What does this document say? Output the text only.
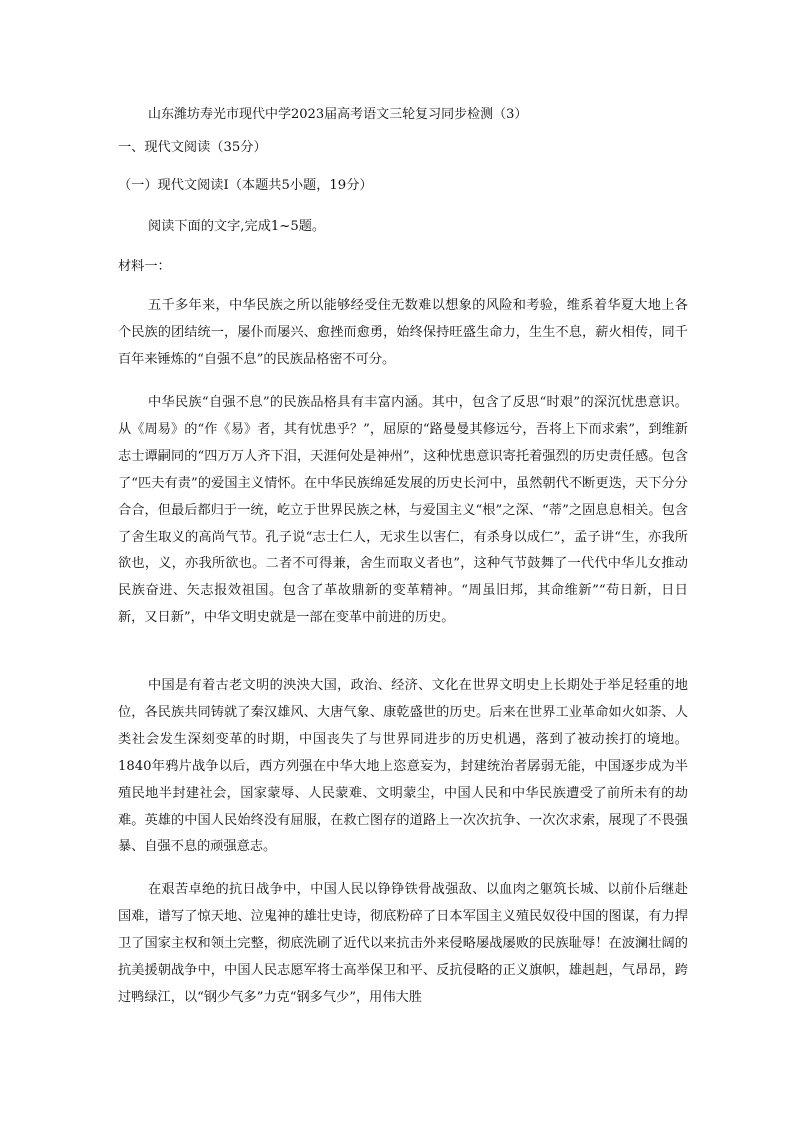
山东潍坊寿光市现代中学2023届高考语文三轮复习同步检测（3）
一、现代文阅读（35分）
（一）现代文阅读Ⅰ（本题共5小题，19分）
阅读下面的文字,完成1~5题。
材料一：

五千多年来，中华民族之所以能够经受住无数难以想象的风险和考验，维系着华夏大地上各个民族的团结统一，屡仆而屡兴、愈挫而愈勇，始终保持旺盛生命力，生生不息，薪火相传，同千百年来锤炼的“自强不息”的民族品格密不可分。

中华民族“自强不息”的民族品格具有丰富内涵。其中，包含了反思“时艰”的深沉忧患意识。从《周易》的“作《易》者，其有忧患乎？”，屈原的“路曼曼其修远兮，吾将上下而求索”，到维新志士谭嗣同的“四万万人齐下泪，天涯何处是神州”，这种忧患意识寄托着强烈的历史责任感。包含了“匹夫有责”的爱国主义情怀。在中华民族绵延发展的历史长河中，虽然朝代不断更迭，天下分分合合，但最后都归于一统，屹立于世界民族之林，与爱国主义“根”之深、“蒂”之固息息相关。包含了舍生取义的高尚气节。孔子说“志士仁人，无求生以害仁，有杀身以成仁”，孟子讲“生，亦我所欲也，义，亦我所欲也。二者不可得兼，舍生而取义者也”，这种气节鼓舞了一代代中华儿女推动民族奋进、矢志报效祖国。包含了革故鼎新的变革精神。“周虽旧邦，其命维新”“苟日新，日日新，又日新”，中华文明史就是一部在变革中前进的历史。

中国是有着古老文明的泱泱大国，政治、经济、文化在世界文明史上长期处于举足轻重的地位，各民族共同铸就了秦汉雄风、大唐气象、康乾盛世的历史。后来在世界工业革命如火如荼、人类社会发生深刻变革的时期，中国丧失了与世界同进步的历史机遇，落到了被动挨打的境地。1840年鸦片战争以后，西方列强在中华大地上恣意妄为，封建统治者孱弱无能，中国逐步成为半殖民地半封建社会，国家蒙辱、人民蒙难、文明蒙尘，中国人民和中华民族遭受了前所未有的劫难。英雄的中国人民始终没有屈服，在救亡图存的道路上一次次抗争、一次次求索，展现了不畏强暴、自强不息的顽强意志。

在艰苦卓绝的抗日战争中，中国人民以铮铮铁骨战强敌、以血肉之躯筑长城、以前仆后继赴国难，谱写了惊天地、泣鬼神的雄壮史诗，彻底粉碎了日本军国主义殖民奴役中国的图谋，有力捍卫了国家主权和领土完整，彻底洗刷了近代以来抗击外来侵略屡战屡败的民族耻辱！在波澜壮阔的抗美援朝战争中，中国人民志愿军将士高举保卫和平、反抗侵略的正义旗帜，雄赳赳，气昂昂，跨过鸭绿江，以“钢少气多”力克“钢多气少”，用伟大胜
